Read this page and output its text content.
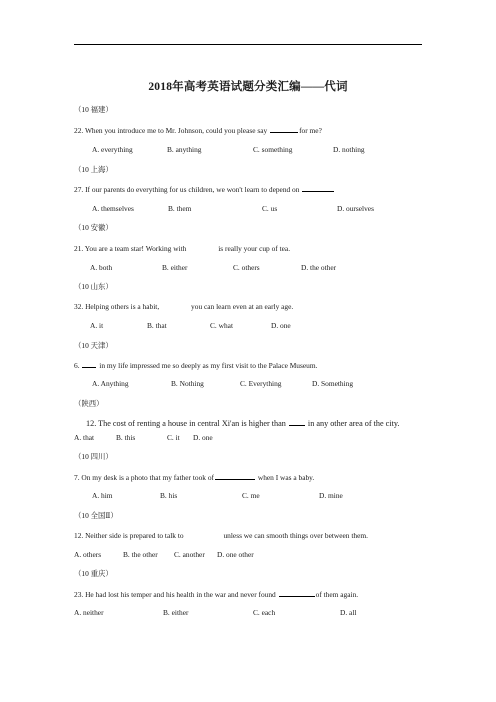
2018年高考英语试题分类汇编——代词
（10 福建）
22. When you introduce me to Mr. Johnson, could you please say	for me?
A. everything	B. anything	C. something	D. nothing
（10 上海）
27. If our parents do everything for us children, we won't learn to depend on
A. themselves	B. them	C. us	D. ourselves
（10 安徽）
21. You are a team star! Working with	is really your cup of tea.
A. both	B. either	C. others	D. the other
（10 山东）
32. Helping others is a habit,	you can learn even at an early age.
A. it	B. that	C. what	D. one
（10 天津）
6.	in my life impressed me so deeply as my first visit to the Palace Museum.
A. Anything	B. Nothing	C. Everything	D. Something
（陕西）
12. The cost of renting a house in central Xi'an is higher than	in any other area of the city.
A. that	B. this	C. it D. one
（10 四川）
7. On my desk is a photo that my father took of	when I was a baby.
A. him	B. his	C. me	D. mine
（10 全国Ⅱ）
12. Neither side is prepared to talk to	unless we can smooth things over between them.
A. others	B. the other C. another D. one other
（10 重庆）
23. He had lost his temper and his health in the war and never found	of them again.
A. neither	B. either	C. each	D. all
